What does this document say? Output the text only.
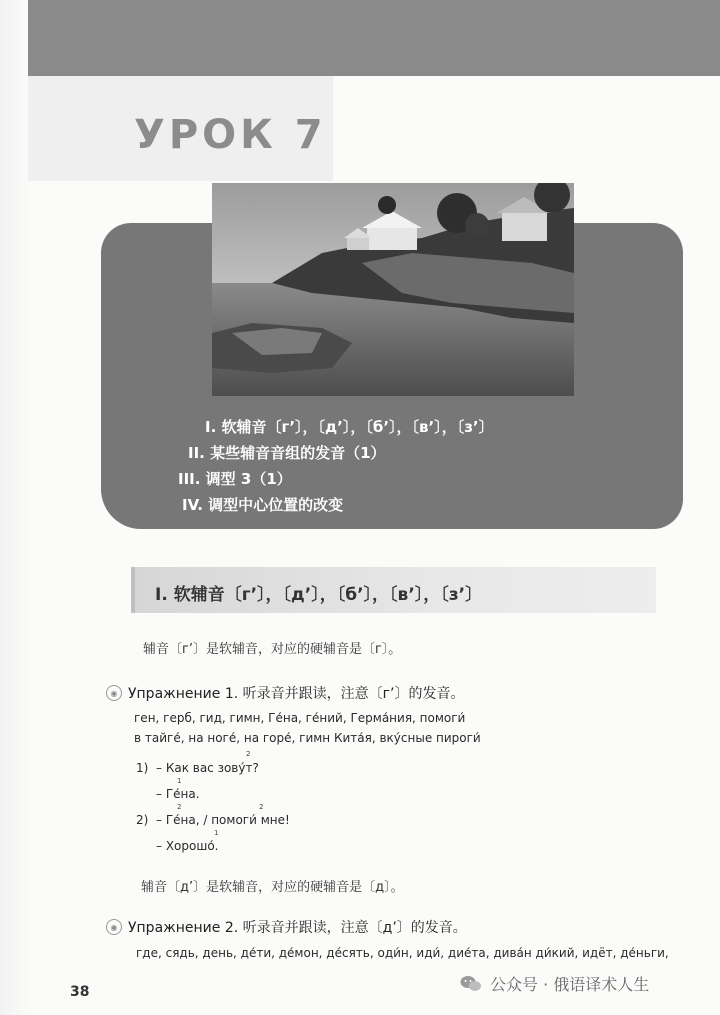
УРОК 7
I. 软辅音〔г’〕，〔д’〕，〔б’〕，〔в’〕，〔з’〕
II. 某些辅音音组的发音（1）
III. 调型 3（1）
IV. 调型中心位置的改变
I. 软辅音〔г’〕，〔д’〕，〔б’〕，〔в’〕，〔з’〕
辅音〔г’〕是软辅音，对应的硬辅音是〔г〕。
◉ Упражнение 1. 听录音并跟读，注意〔г’〕的发音。
ген, герб, гид, гимн, Ге́на, ге́ний, Герма́ния, помоги́
в тайге́, на ноге́, на горе́, гимн Кита́я, вку́сные пироги́
1) – Как вас зову́т?
2
– Ге́на.
1
2) – Ге́на, / помоги́ мне!
2	2
– Хорошо́.
1
辅音〔д’〕是软辅音，对应的硬辅音是〔д〕。
◉ Упражнение 2. 听录音并跟读，注意〔д’〕的发音。
где, сядь, день, де́ти, де́мон, де́сять, оди́н, иди́, дие́та, дива́н ди́кий, идёт, де́ньги,
38	公众号 · 俄语译术人生
